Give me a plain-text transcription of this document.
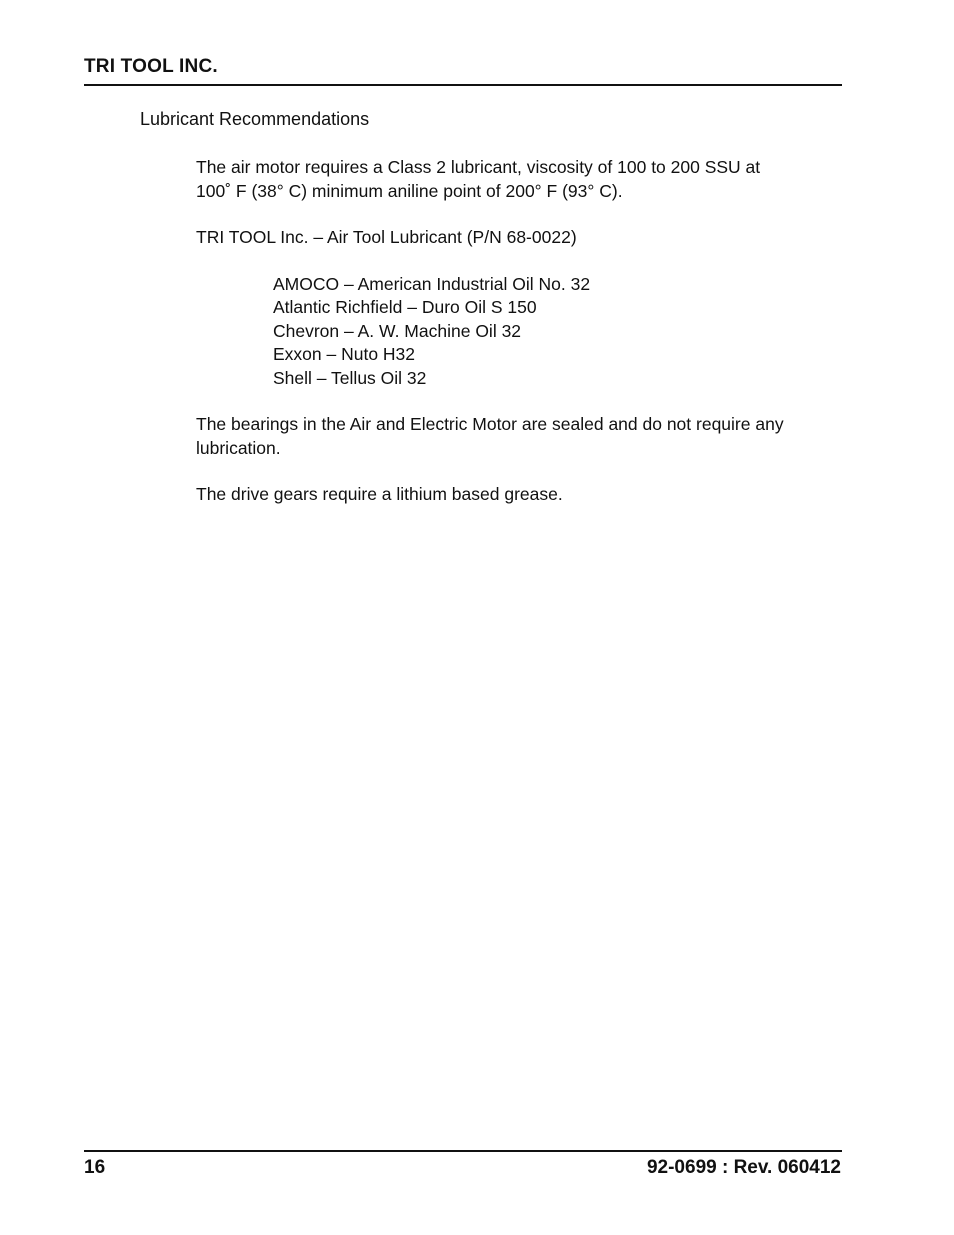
TRI TOOL INC.
Lubricant Recommendations
The air motor requires a Class 2 lubricant, viscosity of 100 to 200 SSU at
100˚ F (38° C) minimum aniline point of 200° F (93° C).
TRI TOOL Inc. – Air Tool Lubricant (P/N 68-0022)
AMOCO – American Industrial Oil No. 32
Atlantic Richfield – Duro Oil S 150
Chevron – A. W. Machine Oil 32
Exxon – Nuto H32
Shell – Tellus Oil 32
The bearings in the Air and Electric Motor are sealed and do not require any lubrication.
The drive gears require a lithium based grease.
16	92-0699 : Rev. 060412
